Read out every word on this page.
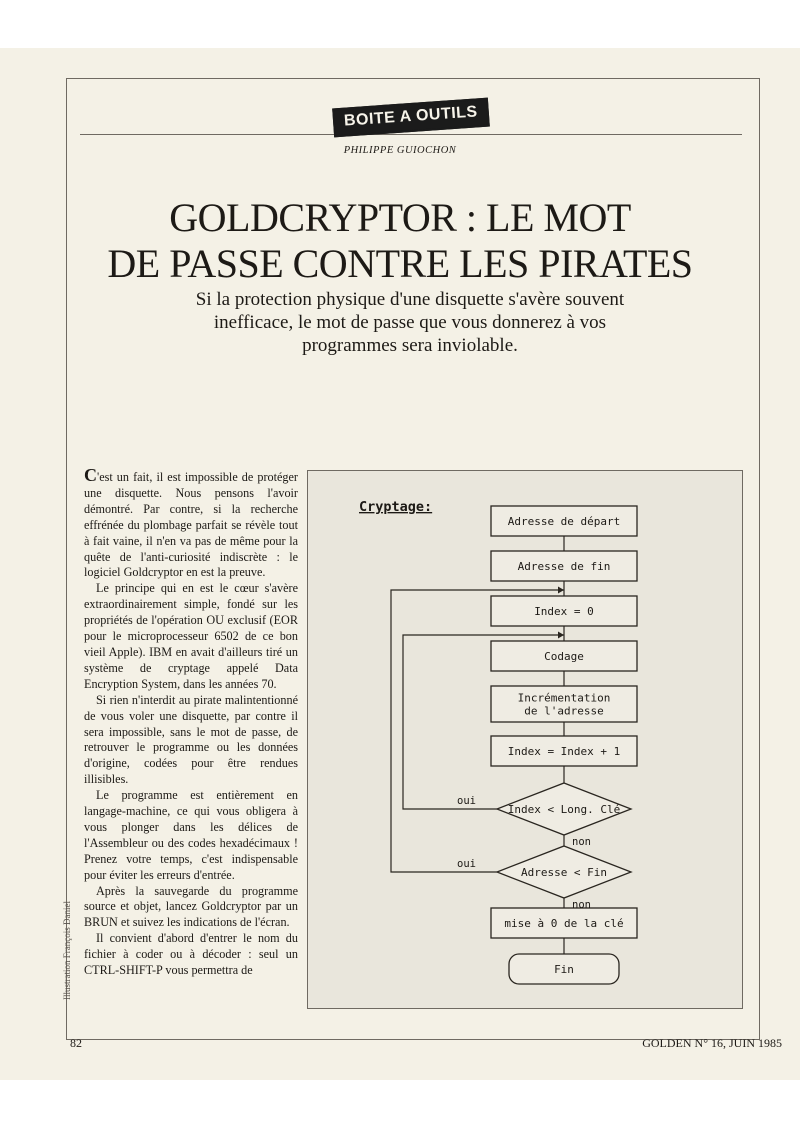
BOITE A OUTILS
PHILIPPE GUIOCHON
GOLDCRYPTOR : LE MOT
DE PASSE CONTRE LES PIRATES
Si la protection physique d'une disquette s'avère souvent inefficace, le mot de passe que vous donnerez à vos programmes sera inviolable.

C'est un fait, il est impossible de protéger une disquette. Nous pensons l'avoir démontré. Par contre, si la recherche effrénée du plombage parfait se révèle tout à fait vaine, il n'en va pas de même pour la quête de l'anti-curiosité indiscrète : le logiciel Goldcryptor en est la preuve.

Le principe qui en est le cœur s'avère extraordinairement simple, fondé sur les propriétés de l'opération OU exclusif (EOR pour le microprocesseur 6502 de ce bon vieil Apple). IBM en avait d'ailleurs tiré un système de cryptage appelé Data Encryption System, dans les années 70.

Si rien n'interdit au pirate malintentionné de vous voler une disquette, par contre il sera impossible, sans le mot de passe, de retrouver le programme ou les données d'origine, codées pour être rendues illisibles.

Le programme est entièrement en langage-machine, ce qui vous obligera à vous plonger dans les délices de l'Assembleur ou des codes hexadécimaux ! Prenez votre temps, c'est indispensable pour éviter les erreurs d'entrée.

Après la sauvegarde du programme source et objet, lancez Goldcryptor par un BRUN et suivez les indications de l'écran.

Il convient d'abord d'entrer le nom du fichier à coder ou à décoder : seul un CTRL-SHIFT-P vous permettra de

Cryptage:
Adresse de départ
Adresse de fin
Index = 0
Codage
Incrémentation
de l'adresse
Index = Index + 1
Index < Long. Clé
Adresse < Fin
mise à 0 de la clé
Fin
oui
non
oui
non
Illustration François Daniel
82	GOLDEN N° 16, JUIN 1985
